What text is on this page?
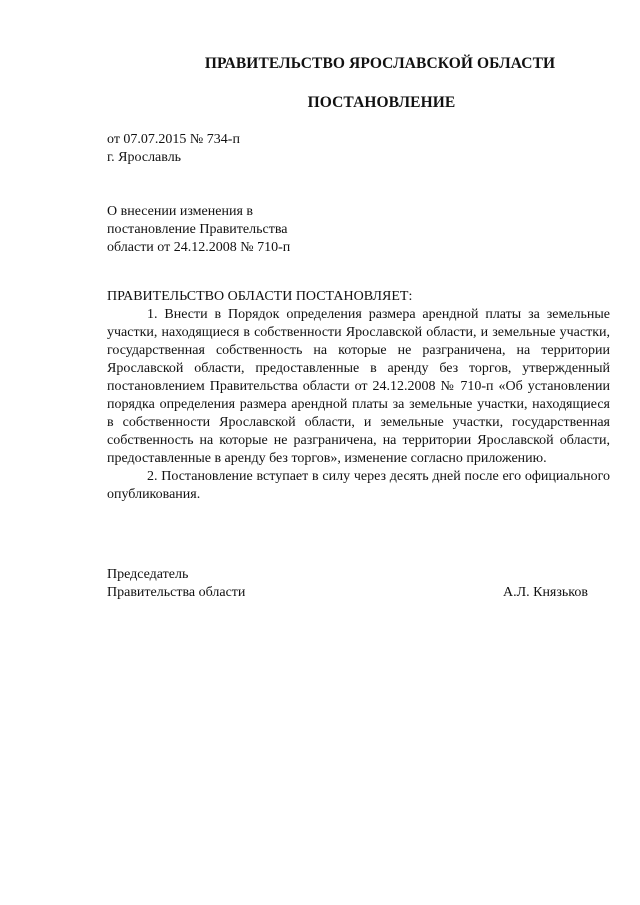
ПРАВИТЕЛЬСТВО ЯРОСЛАВСКОЙ ОБЛАСТИ
ПОСТАНОВЛЕНИЕ
от 07.07.2015 № 734-п
г. Ярославль
О внесении изменения в
постановление Правительства
области от 24.12.2008 № 710-п

ПРАВИТЕЛЬСТВО ОБЛАСТИ ПОСТАНОВЛЯЕТ:

1. Внести в Порядок определения размера арендной платы за земельные участки, находящиеся в собственности Ярославской области, и земельные участки, государственная собственность на которые не разграничена, на территории Ярославской области, предоставленные в аренду без торгов, утвержденный постановлением Правительства области от 24.12.2008 № 710-п «Об установлении порядка определения размера арендной платы за земельные участки, находящиеся в собственности Ярославской области, и земельные участки, государственная собственность на которые не разграничена, на территории Ярославской области, предоставленные в аренду без торгов», изменение согласно приложению.

2. Постановление вступает в силу через десять дней после его официального опубликования.

Председатель
Правительства области	А.Л. Князьков
